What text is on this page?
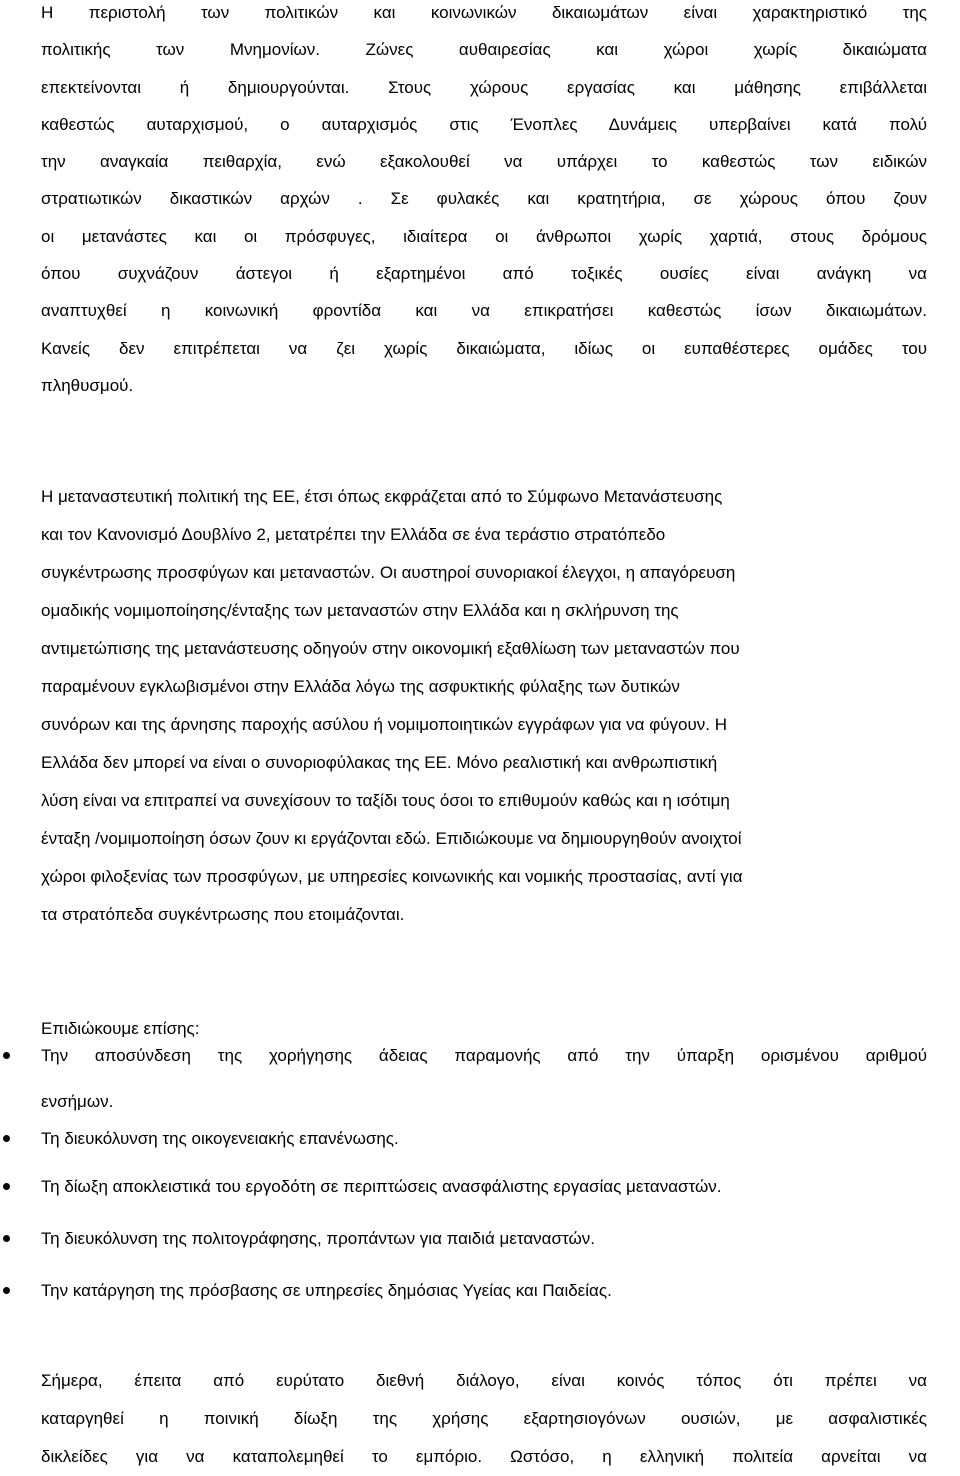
Η περιστολή των πολιτικών και κοινωνικών δικαιωμάτων είναι χαρακτηριστικό της
πολιτικής των Μνημονίων. Ζώνες αυθαιρεσίας και χώροι χωρίς δικαιώματα
επεκτείνονται ή δημιουργούνται. Στους χώρους εργασίας και μάθησης επιβάλλεται
καθεστώς αυταρχισμού, ο αυταρχισμός στις Ένοπλες Δυνάμεις υπερβαίνει κατά πολύ
την αναγκαία πειθαρχία, ενώ εξακολουθεί να υπάρχει το καθεστώς των ειδικών
στρατιωτικών δικαστικών αρχών . Σε φυλακές και κρατητήρια, σε χώρους όπου ζουν
οι μετανάστες και οι πρόσφυγες, ιδιαίτερα οι άνθρωποι χωρίς χαρτιά, στους δρόμους
όπου συχνάζουν άστεγοι ή εξαρτημένοι από τοξικές ουσίες είναι ανάγκη να
αναπτυχθεί η κοινωνική φροντίδα και να επικρατήσει καθεστώς ίσων δικαιωμάτων.
Κανείς δεν επιτρέπεται να ζει χωρίς δικαιώματα, ιδίως οι ευπαθέστερες ομάδες του
πληθυσμού.
Η μεταναστευτική πολιτική της ΕΕ, έτσι όπως εκφράζεται από το Σύμφωνο Μετανάστευσης
και τον Κανονισμό Δουβλίνο 2, μετατρέπει την Ελλάδα σε ένα τεράστιο στρατόπεδο
συγκέντρωσης προσφύγων και μεταναστών. Οι αυστηροί συνοριακοί έλεγχοι, η απαγόρευση
ομαδικής νομιμοποίησης/ένταξης των μεταναστών στην Ελλάδα και η σκλήρυνση της
αντιμετώπισης της μετανάστευσης οδηγούν στην οικονομική εξαθλίωση των μεταναστών που
παραμένουν εγκλωβισμένοι στην Ελλάδα λόγω της ασφυκτικής φύλαξης των δυτικών
συνόρων και της άρνησης παροχής ασύλου ή νομιμοποιητικών εγγράφων για να φύγουν. Η
Ελλάδα δεν μπορεί να είναι ο συνοριοφύλακας της ΕΕ. Μόνο ρεαλιστική και ανθρωπιστική
λύση είναι να επιτραπεί να συνεχίσουν το ταξίδι τους όσοι το επιθυμούν καθώς και η ισότιμη
ένταξη /νομιμοποίηση όσων ζουν κι εργάζονται εδώ. Επιδιώκουμε να δημιουργηθούν ανοιχτοί
χώροι φιλοξενίας των προσφύγων, με υπηρεσίες κοινωνικής και νομικής προστασίας, αντί για
τα στρατόπεδα συγκέντρωσης που ετοιμάζονται.
Επιδιώκουμε επίσης:
Την αποσύνδεση της χορήγησης άδειας παραμονής από την ύπαρξη ορισμένου αριθμού
ενσήμων.
Τη διευκόλυνση της οικογενειακής επανένωσης.
Τη δίωξη αποκλειστικά του εργοδότη σε περιπτώσεις ανασφάλιστης εργασίας μεταναστών.
Τη διευκόλυνση της πολιτογράφησης, προπάντων για παιδιά μεταναστών.
Την κατάργηση της πρόσβασης σε υπηρεσίες δημόσιας Υγείας και Παιδείας.
Σήμερα, έπειτα από ευρύτατο διεθνή διάλογο, είναι κοινός τόπος ότι πρέπει να
καταργηθεί η ποινική δίωξη της χρήσης εξαρτησιογόνων ουσιών, με ασφαλιστικές
δικλείδες για να καταπολεμηθεί το εμπόριο. Ωστόσο, η ελληνική πολιτεία αρνείται να
